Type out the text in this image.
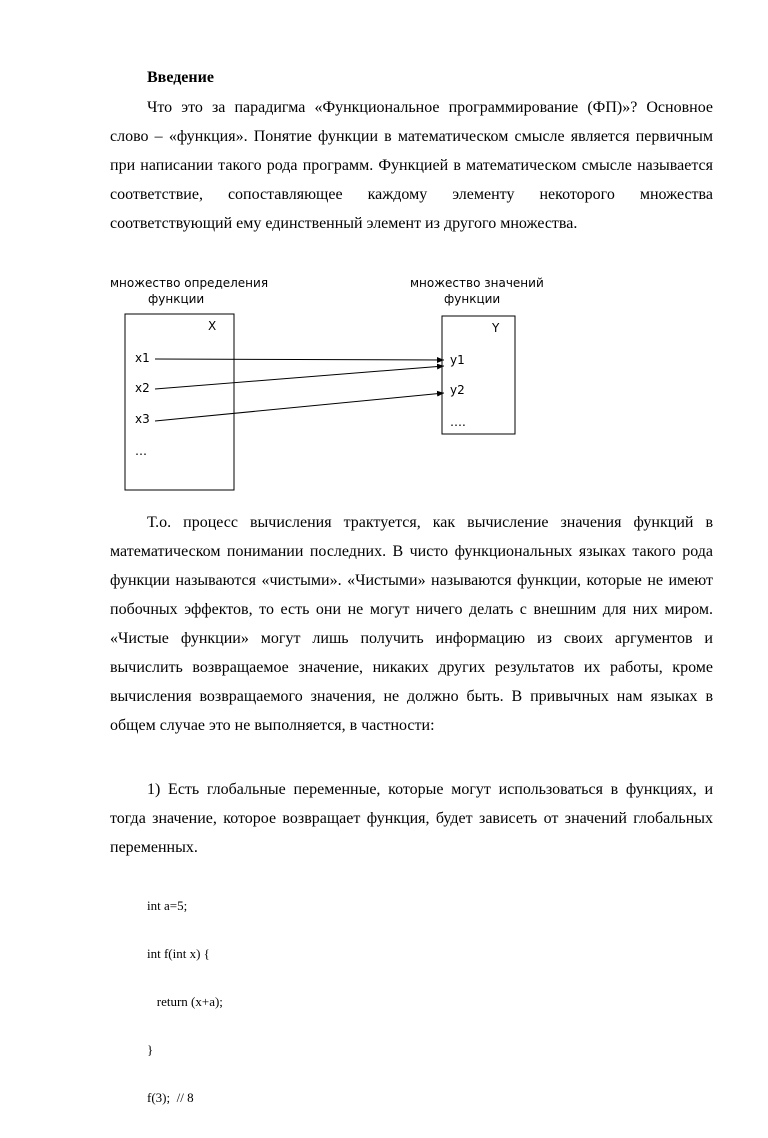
Введение

Что это за парадигма «Функциональное программирование (ФП)»? Основное слово – «функция». Понятие функции в математическом смысле является первичным при написании такого рода программ. Функцией в математическом смысле называется соответствие, сопоставляющее каждому элементу некоторого множества соответствующий ему единственный элемент из другого множества.

множество определения
функции
множество значений
функции
X	Y
x1
x2
x3
…
y1
y2
….

Т.о. процесс вычисления трактуется, как вычисление значения функций в математическом понимании последних. В чисто функциональных языках такого рода функции называются «чистыми». «Чистыми» называются функции, которые не имеют побочных эффектов, то есть они не могут ничего делать с внешним для них миром. «Чистые функции» могут лишь получить информацию из своих аргументов и вычислить возвращаемое значение, никаких других результатов их работы, кроме вычисления возвращаемого значения, не должно быть. В привычных нам языках в общем случае это не выполняется, в частности:

1) Есть глобальные переменные, которые могут использоваться в функциях, и тогда значение, которое возвращает функция, будет зависеть от значений глобальных переменных.

int a=5;

int f(int x) {

return (x+a);

}

f(3);  // 8
